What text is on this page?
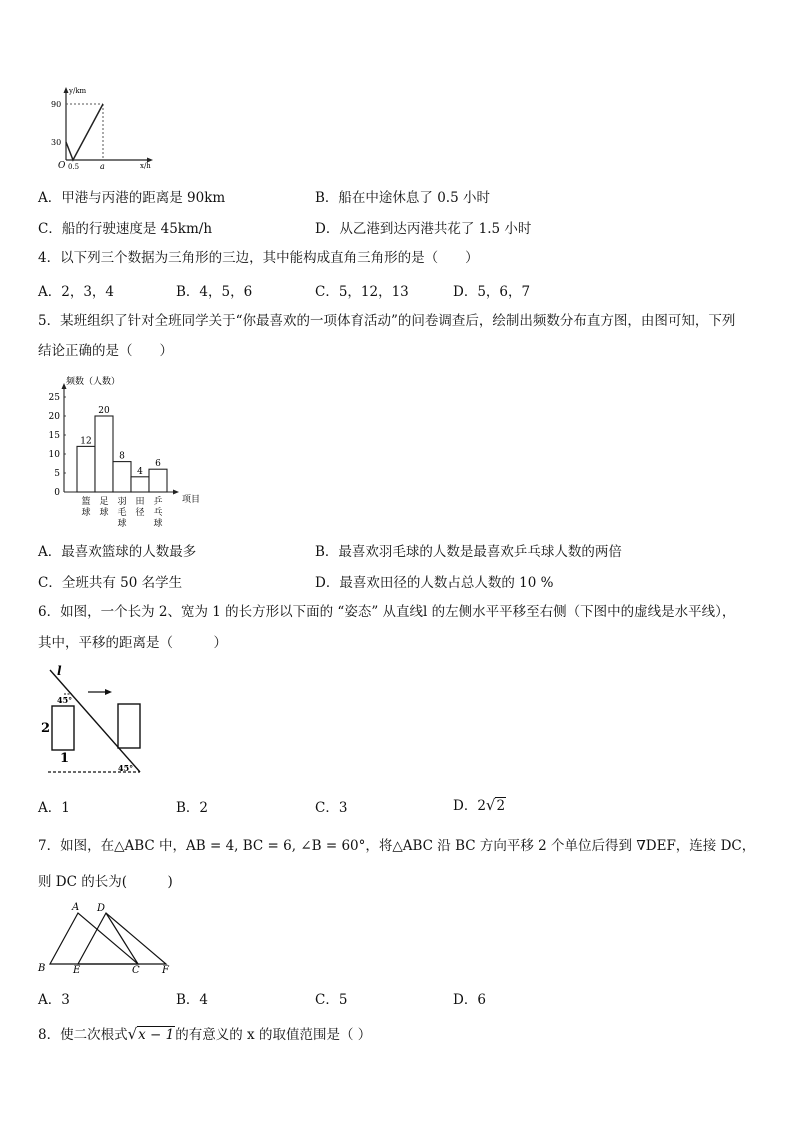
y/km
90
30
O 0.5	a	x/h
A．甲港与丙港的距离是 90km	B．船在中途休息了 0.5 小时
C．船的行驶速度是 45km/h	D．从乙港到达丙港共花了 1.5 小时
4．以下列三个数据为三角形的三边，其中能构成直角三角形的是（　　）
A．2，3，4	B．4，5，6	C．5，12，13	D．5，6，7
5．某班组织了针对全班同学关于“你最喜欢的一项体育活动”的问卷调查后，绘制出频数分布直方图，由图可知，下列
结论正确的是（　　）
频数（人数）
项目
25
20
15
10
5
0
12
篮
球
20
足
球
8
羽
毛
球
4
田
径
6
乒
乓
球
A．最喜欢篮球的人数最多	B．最喜欢羽毛球的人数是最喜欢乒乓球人数的两倍
C．全班共有 50 名学生	D．最喜欢田径的人数占总人数的 10 %
6．如图，一个长为 2、宽为 1 的长方形以下面的 “姿态” 从直线l 的左侧水平平移至右侧（下图中的虚线是水平线），
其中，平移的距离是（　　　）
l
45°
2
1
45°
A．1	B．2	C．3	D．2√2
7．如图，在△ABC 中，AB = 4, BC = 6, ∠B = 60°，将△ABC 沿 BC 方向平移 2 个单位后得到 ∇DEF，连接 DC，
则 DC 的长为(　　　)
A D
B	E	C F
A．3	B．4	C．5	D．6
8．使二次根式√x − 1的有意义的 x 的取值范围是（ ）
